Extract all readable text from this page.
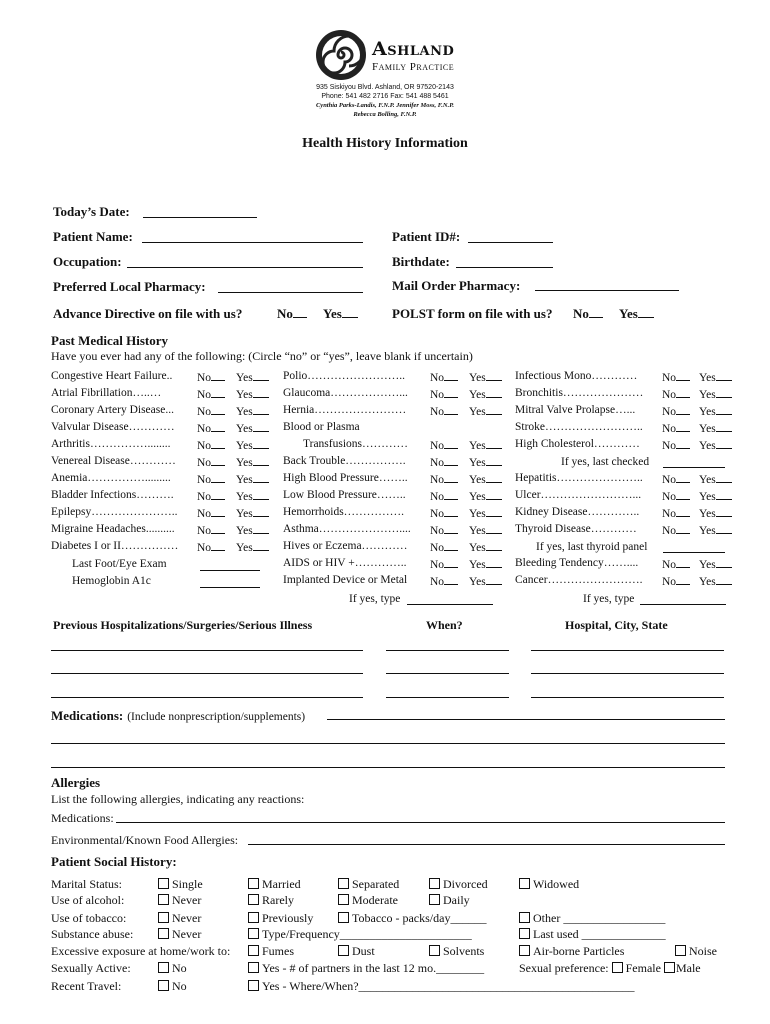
Ashland
Family Practice
935 Siskiyou Blvd. Ashland, OR 97520-2143
Phone: 541 482 2716 Fax: 541 488 5461
Cynthia Parks-Landis, F.N.P. Jennifer Moss, F.N.P.
Rebecca Bolling, F.N.P.
Health History Information
Today’s Date:
Patient Name:	Patient ID#:
Occupation:	Birthdate:
Preferred Local Pharmacy:	Mail Order Pharmacy:
Advance Directive on file with us?	No	Yes	POLST form on file with us? No	Yes
Past Medical History
Have you ever had any of the following: (Circle “no” or “yes”, leave blank if uncertain)
Congestive Heart Failure.. No	Yes
Atrial Fibrillation…..…	No	Yes
Coronary Artery Disease... No	Yes
Valvular Disease………… No	Yes
Arthritis……………........ No	Yes
Venereal Disease………… No	Yes
Anemia……………......... No	Yes
Bladder Infections………. No	Yes
Epilepsy………………….. No	Yes
Migraine Headaches.......... No	Yes
Diabetes I or II…………… No	Yes
Polio…………………….. No	Yes
Glaucoma………………... No	Yes
Hernia…………………… No	Yes
Blood or Plasma
Transfusions………… No	Yes
Back Trouble……………. No	Yes
High Blood Pressure…….. No	Yes
Low Blood Pressure…….. No	Yes
Hemorrhoids……………. No	Yes
Asthma………………….... No	Yes
Hives or Eczema………… No	Yes
AIDS or HIV +………….. No	Yes
Implanted Device or Metal No	Yes
Infectious Mono………… No	Yes
Bronchitis………………… No	Yes
Mitral Valve Prolapse…... No	Yes
Stroke…………………….. No	Yes
High Cholesterol………… No	Yes
Hepatitis………………….. No	Yes
Ulcer……………………... No	Yes
Kidney Disease………….. No	Yes
Thyroid Disease………… No	Yes
Bleeding Tendency…….... No	Yes
Cancer……………………. No	Yes
Last Foot/Eye Exam
Hemoglobin A1c
If yes, type
If yes, last checked
If yes, last thyroid panel
If yes, type
Previous Hospitalizations/Surgeries/Serious Illness	When?	Hospital, City, State
Medications: (Include nonprescription/supplements)
Allergies
List the following allergies, indicating any reactions:
Medications:
Environmental/Known Food Allergies:
Patient Social History:
Marital Status:	Single	Married	Separated	Divorced	Widowed
Use of alcohol:	Never	Rarely	Moderate	Daily
Use of tobacco:	Never	Previously	Tobacco - packs/day______	Other _________________
Substance abuse:	Never	Type/Frequency______________________	Last used ______________
Excessive exposure at home/work to:	Fumes	Dust	Solvents	Air-borne Particles	Noise
Sexually Active:	No	Yes - # of partners in the last 12 mo.________	Sexual preference: Female Male
Recent Travel:	No	Yes - Where/When?______________________________________________
